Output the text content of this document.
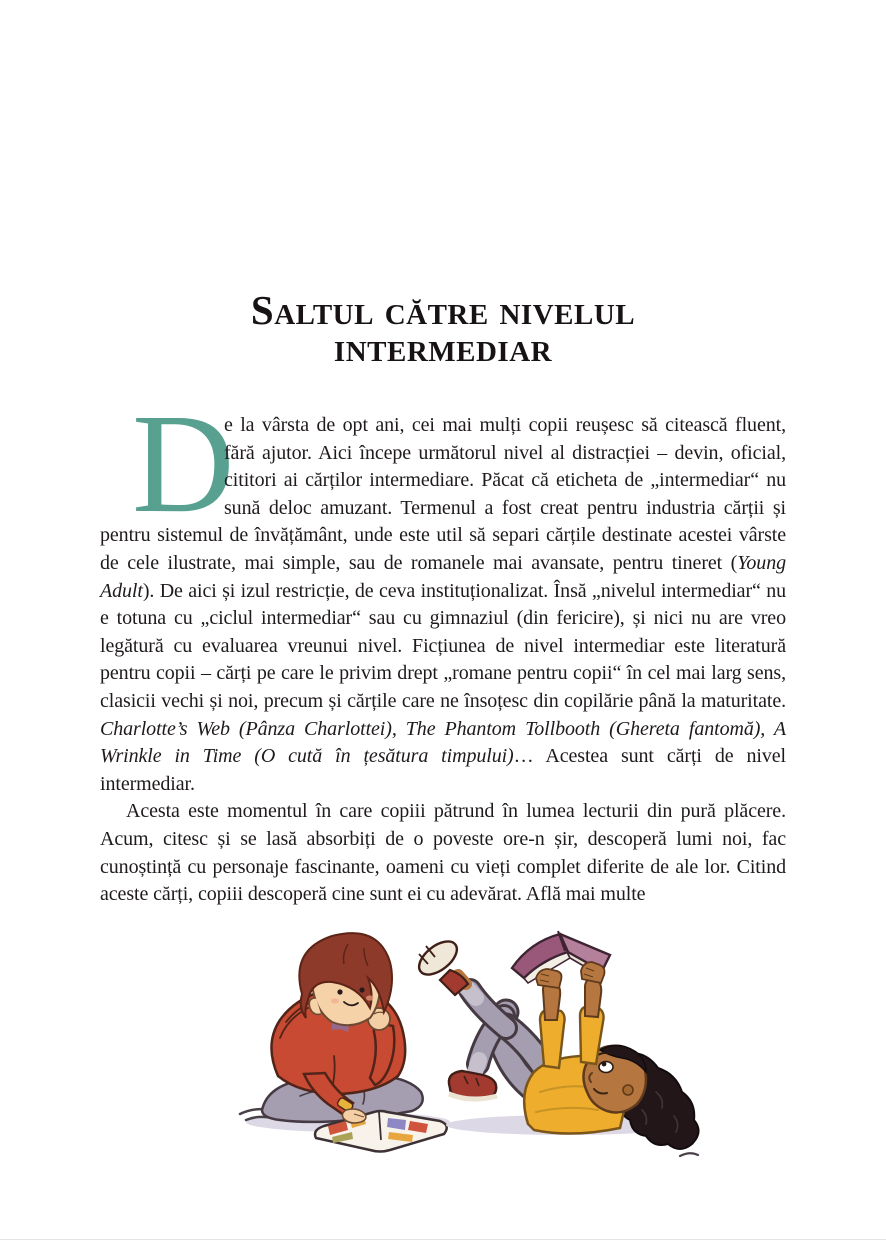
Saltul către nivelul
intermediar
D

e la vârsta de opt ani, cei mai mulți copii reușesc să citească fluent, fără ajutor. Aici începe următorul nivel al distracției – devin, oficial, cititori ai cărților intermediare. Păcat că eticheta de „intermediar“ nu sună deloc amuzant. Termenul a fost creat pentru industria cărții și pentru sistemul de învățământ, unde este util să separi cărțile destinate acestei vârste de cele ilustrate, mai simple, sau de romanele mai avansate, pentru tineret (Young Adult). De aici și izul restricție, de ceva instituționalizat. Însă „nivelul intermediar“ nu e totuna cu „ciclul intermediar“ sau cu gimnaziul (din fericire), și nici nu are vreo legătură cu evaluarea vreunui nivel. Ficțiunea de nivel intermediar este literatură pentru copii – cărți pe care le privim drept „romane pentru copii“ în cel mai larg sens, clasicii vechi și noi, precum și cărțile care ne însoțesc din copilărie până la maturitate. Charlotte’s Web (Pânza Charlottei), The Phantom Tollbooth (Ghereta fantomă), A Wrinkle in Time (O cută în țesătura timpului)… Acestea sunt cărți de nivel intermediar.

Acesta este momentul în care copiii pătrund în lumea lecturii din pură plăcere. Acum, citesc și se lasă absorbiți de o poveste ore-n șir, descoperă lumi noi, fac cunoștință cu personaje fascinante, oameni cu vieți complet diferite de ale lor. Citind aceste cărți, copiii descoperă cine sunt ei cu adevărat. Află mai multe
